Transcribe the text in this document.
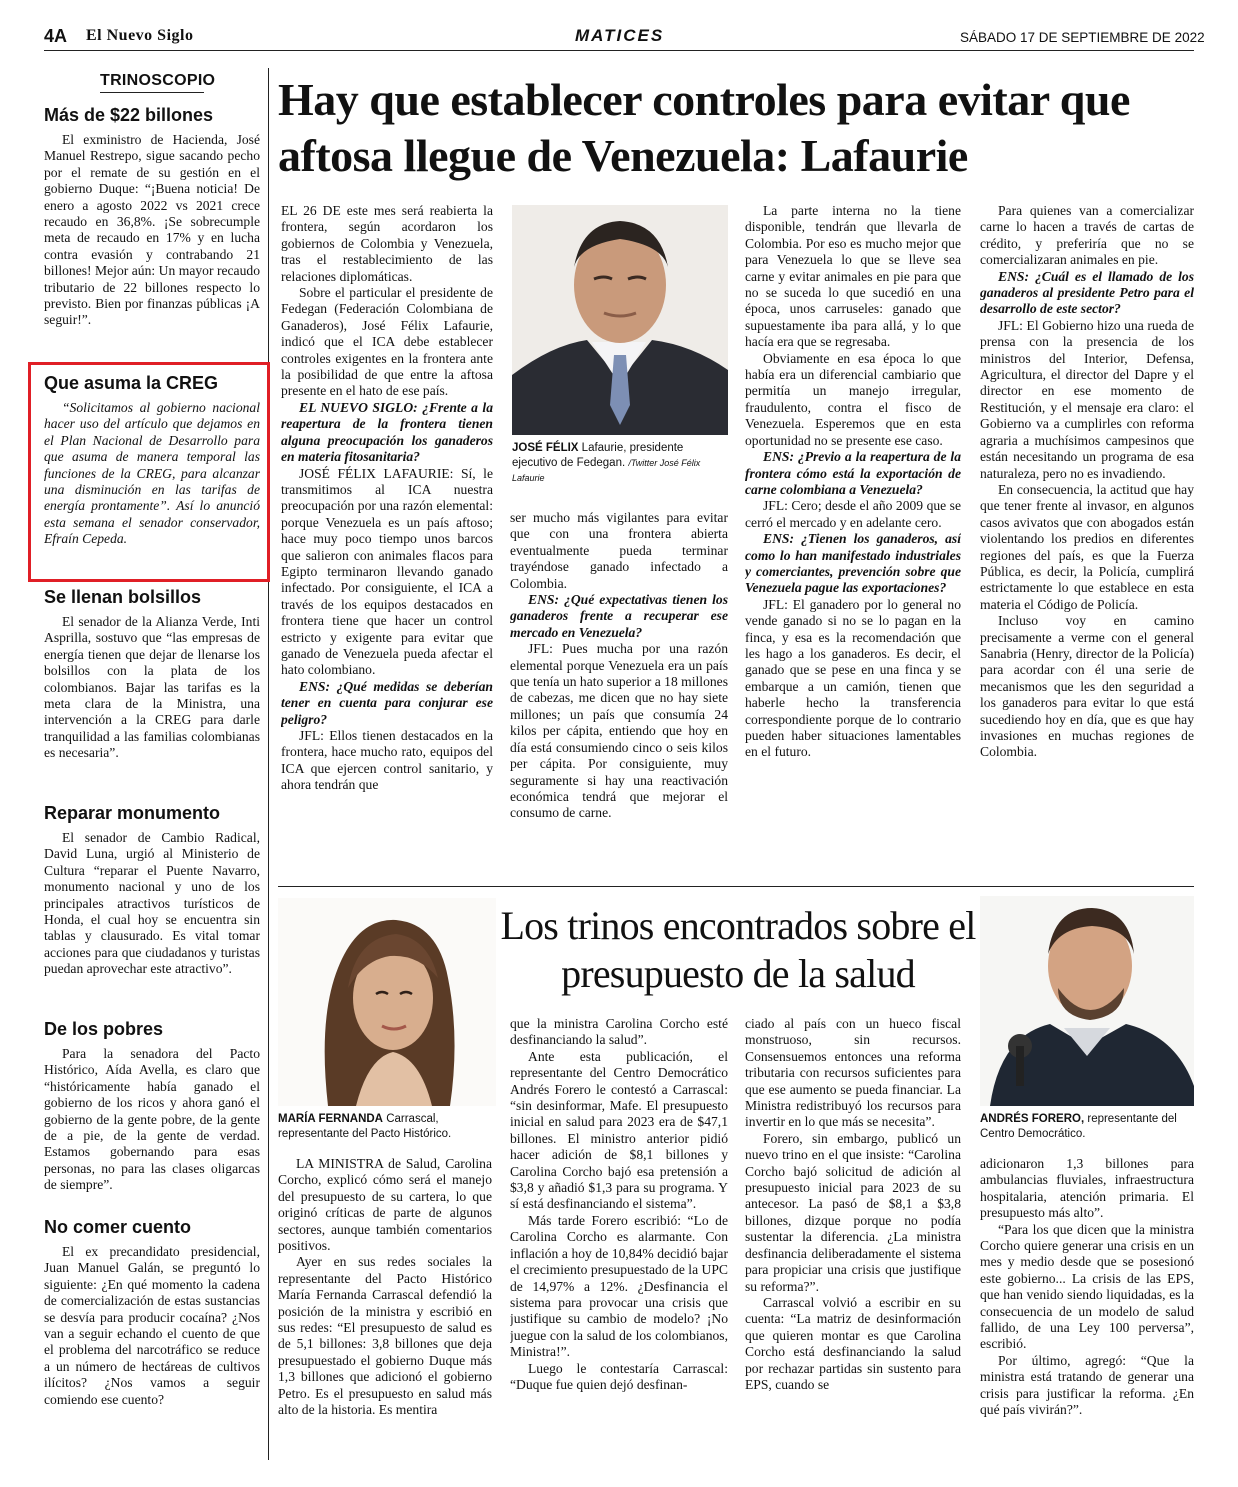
4A El Nuevo Siglo	MATICES	SÁBADO 17 DE SEPTIEMBRE DE 2022
TRINOSCOPIO
Más de $22 billones

El exministro de Hacienda, José Manuel Restrepo, sigue sacando pecho por el remate de su gestión en el gobierno Duque: “¡Buena noticia! De enero a agosto 2022 vs 2021 crece recaudo en 36,8%. ¡Se sobrecumple meta de recaudo en 17% y en lucha contra evasión y contrabando 21 billones! Mejor aún: Un mayor recaudo tributario de 22 billones respecto lo previsto. Bien por finanzas públicas ¡A seguir!”.

Que asuma la CREG

“Solicitamos al gobierno nacional hacer uso del artículo que dejamos en el Plan Nacional de Desarrollo para que asuma de manera temporal las funciones de la CREG, para alcanzar una disminución en las tarifas de energía prontamente”. Así lo anunció esta semana el senador conservador, Efraín Cepeda.

Se llenan bolsillos

El senador de la Alianza Verde, Inti Asprilla, sostuvo que “las empresas de energía tienen que dejar de llenarse los bolsillos con la plata de los colombianos. Bajar las tarifas es la meta clara de la Ministra, una intervención a la CREG para darle tranquilidad a las familias colombianas es necesaria”.

Reparar monumento

El senador de Cambio Radical, David Luna, urgió al Ministerio de Cultura “reparar el Puente Navarro, monumento nacional y uno de los principales atractivos turísticos de Honda, el cual hoy se encuentra sin tablas y clausurado. Es vital tomar acciones para que ciudadanos y turistas puedan aprovechar este atractivo”.

De los pobres

Para la senadora del Pacto Histórico, Aída Avella, es claro que “históricamente había ganado el gobierno de los ricos y ahora ganó el gobierno de la gente pobre, de la gente de a pie, de la gente de verdad. Estamos gobernando para esas personas, no para las clases oligarcas de siempre”.

No comer cuento

El ex precandidato presidencial, Juan Manuel Galán, se preguntó lo siguiente: ¿En qué momento la cadena de comercialización de estas sustancias se desvía para producir cocaína? ¿Nos van a seguir echando el cuento de que el problema del narcotráfico se reduce a un número de hectáreas de cultivos ilícitos? ¿Nos vamos a seguir comiendo ese cuento?

Hay que establecer controles para evitar que aftosa llegue de Venezuela: Lafaurie

EL 26 DE este mes será reabierta la frontera, según acordaron los gobiernos de Colombia y Venezuela, tras el restablecimiento de las relaciones diplomáticas.

Sobre el particular el presidente de Fedegan (Federación Colombiana de Ganaderos), José Félix Lafaurie, indicó que el ICA debe establecer controles exigentes en la frontera ante la posibilidad de que entre la aftosa presente en el hato de ese país.

EL NUEVO SIGLO: ¿Frente a la reapertura de la frontera tienen alguna preocupación los ganaderos en materia fitosanitaria?

JOSÉ FÉLIX LAFAURIE: Sí, le transmitimos al ICA nuestra preocupación por una razón elemental: porque Venezuela es un país aftoso; hace muy poco tiempo unos barcos que salieron con animales flacos para Egipto terminaron llevando ganado infectado. Por consiguiente, el ICA a través de los equipos destacados en frontera tiene que hacer un control estricto y exigente para evitar que ganado de Venezuela pueda afectar el hato colombiano.

ENS: ¿Qué medidas se deberían tener en cuenta para conjurar ese peligro?

JFL: Ellos tienen destacados en la frontera, hace mucho rato, equipos del ICA que ejercen control sanitario, y ahora tendrán que

JOSÉ FÉLIX Lafaurie, presidente ejecutivo de Fedegan. /Twitter José Félix Lafaurie

ser mucho más vigilantes para evitar que con una frontera abierta eventualmente pueda terminar trayéndose ganado infectado a Colombia.

ENS: ¿Qué expectativas tienen los ganaderos frente a recuperar ese mercado en Venezuela?

JFL: Pues mucha por una razón elemental porque Venezuela era un país que tenía un hato superior a 18 millones de cabezas, me dicen que no hay siete millones; un país que consumía 24 kilos per cápita, entiendo que hoy en día está consumiendo cinco o seis kilos per cápita. Por consiguiente, muy seguramente si hay una reactivación económica tendrá que mejorar el consumo de carne.

La parte interna no la tiene disponible, tendrán que llevarla de Colombia. Por eso es mucho mejor que para Venezuela lo que se lleve sea carne y evitar animales en pie para que no se suceda lo que sucedió en una época, unos carruseles: ganado que supuestamente iba para allá, y lo que hacía era que se regresaba.

Obviamente en esa época lo que había era un diferencial cambiario que permitía un manejo irregular, fraudulento, contra el fisco de Venezuela. Esperemos que en esta oportunidad no se presente ese caso.

ENS: ¿Previo a la reapertura de la frontera cómo está la exportación de carne colombiana a Venezuela?

JFL: Cero; desde el año 2009 que se cerró el mercado y en adelante cero.

ENS: ¿Tienen los ganaderos, así como lo han manifestado industriales y comerciantes, prevención sobre que Venezuela pague las exportaciones?

JFL: El ganadero por lo general no vende ganado si no se lo pagan en la finca, y esa es la recomendación que les hago a los ganaderos. Es decir, el ganado que se pese en una finca y se embarque a un camión, tienen que haberle hecho la transferencia correspondiente porque de lo contrario pueden haber situaciones lamentables en el futuro.

Para quienes van a comercializar carne lo hacen a través de cartas de crédito, y preferiría que no se comercializaran animales en pie.

ENS: ¿Cuál es el llamado de los ganaderos al presidente Petro para el desarrollo de este sector?

JFL: El Gobierno hizo una rueda de prensa con la presencia de los ministros del Interior, Defensa, Agricultura, el director del Dapre y el director en ese momento de Restitución, y el mensaje era claro: el Gobierno va a cumplirles con reforma agraria a muchísimos campesinos que están necesitando un programa de esa naturaleza, pero no es invadiendo.

En consecuencia, la actitud que hay que tener frente al invasor, en algunos casos avivatos que con abogados están violentando los predios en diferentes regiones del país, es que la Fuerza Pública, es decir, la Policía, cumplirá estrictamente lo que establece en esta materia el Código de Policía.

Incluso voy en camino precisamente a verme con el general Sanabria (Henry, director de la Policía) para acordar con él una serie de mecanismos que les den seguridad a los ganaderos para evitar lo que está sucediendo hoy en día, que es que hay invasiones en muchas regiones de Colombia.

MARÍA FERNANDA Carrascal, representante del Pacto Histórico.
Los trinos encontrados sobre el presupuesto de la salud
ANDRÉS FORERO, representante del Centro Democrático.

LA MINISTRA de Salud, Carolina Corcho, explicó cómo será el manejo del presupuesto de su cartera, lo que originó críticas de parte de algunos sectores, aunque también comentarios positivos.

Ayer en sus redes sociales la representante del Pacto Histórico María Fernanda Carrascal defendió la posición de la ministra y escribió en sus redes: “El presupuesto de salud es de 5,1 billones: 3,8 billones que deja presupuestado el gobierno Duque más 1,3 billones que adicionó el gobierno Petro. Es el presupuesto en salud más alto de la historia. Es mentira

que la ministra Carolina Corcho esté desfinanciando la salud”.

Ante esta publicación, el representante del Centro Democrático Andrés Forero le contestó a Carrascal: “sin desinformar, Mafe. El presupuesto inicial en salud para 2023 era de $47,1 billones. El ministro anterior pidió hacer adición de $8,1 billones y Carolina Corcho bajó esa pretensión a $3,8 y añadió $1,3 para su programa. Y sí está desfinanciando el sistema”.

Más tarde Forero escribió: “Lo de Carolina Corcho es alarmante. Con inflación a hoy de 10,84% decidió bajar el crecimiento presupuestado de la UPC de 14,97% a 12%. ¿Desfinancia el sistema para provocar una crisis que justifique su cambio de modelo? ¡No juegue con la salud de los colombianos, Ministra!”.

Luego le contestaría Carrascal: “Duque fue quien dejó desfinan-

ciado al país con un hueco fiscal monstruoso, sin recursos. Consensuemos entonces una reforma tributaria con recursos suficientes para que ese aumento se pueda financiar. La Ministra redistribuyó los recursos para invertir en lo que más se necesita”.

Forero, sin embargo, publicó un nuevo trino en el que insiste: “Carolina Corcho bajó solicitud de adición al presupuesto inicial para 2023 de su antecesor. La pasó de $8,1 a $3,8 billones, dizque porque no podía sustentar la diferencia. ¿La ministra desfinancia deliberadamente el sistema para propiciar una crisis que justifique su reforma?”.

Carrascal volvió a escribir en su cuenta: “La matriz de desinformación que quieren montar es que Carolina Corcho está desfinanciando la salud por rechazar partidas sin sustento para EPS, cuando se

adicionaron 1,3 billones para ambulancias fluviales, infraestructura hospitalaria, atención primaria. El presupuesto más alto”.

“Para los que dicen que la ministra Corcho quiere generar una crisis en un mes y medio desde que se posesionó este gobierno... La crisis de las EPS, que han venido siendo liquidadas, es la consecuencia de un modelo de salud fallido, de una Ley 100 perversa”, escribió.

Por último, agregó: “Que la ministra está tratando de generar una crisis para justificar la reforma. ¿En qué país vivirán?”.
